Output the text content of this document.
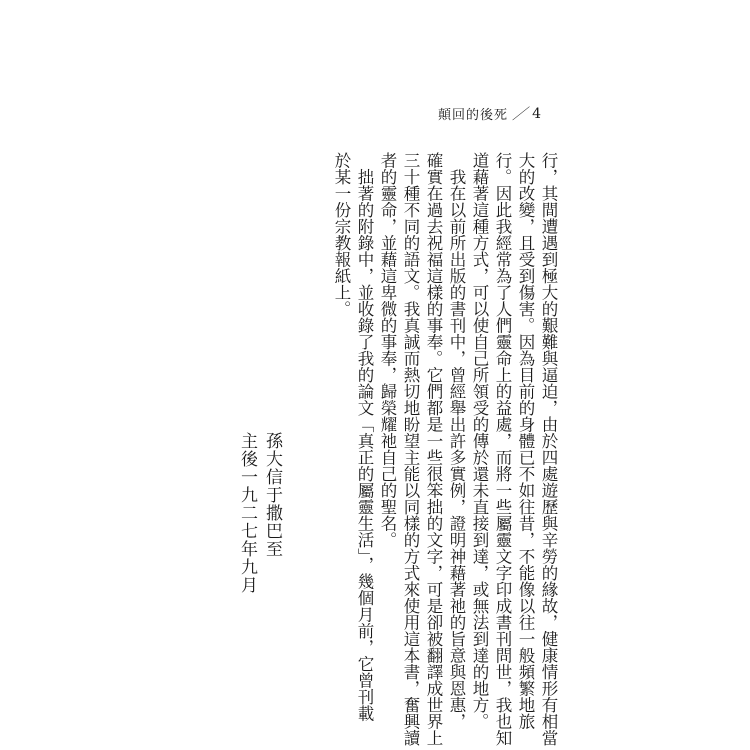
顛回的後死 ／ 4
行，其間遭遇到極大的艱難與逼迫，由於四處遊歷與辛勞的緣故，健康情形有相當
大的改變，且受到傷害。因為目前的身體已不如往昔，不能像以往一般頻繁地旅
行。因此我經常為了人們靈命上的益處，而將一些屬靈文字印成書刊問世，我也知
道藉著這種方式，可以使自己所領受的傳於還未直接到達，或無法到達的地方。
　我在以前所出版的書刊中，曾經舉出許多實例，證明神藉著祂的旨意與恩惠，
確實在過去祝福這樣的事奉。它們都是一些很笨拙的文字，可是卻被翻譯成世界上
三十種不同的語文。我真誠而熱切地盼望主能以同樣的方式來使用這本書，奮興讀
者的靈命，並藉這卑微的事奉，歸榮耀祂自己的聖名。
　拙著的附錄中，並收錄了我的論文「真正的屬靈生活」，幾個月前，它曾刊載
於某一份宗教報紙上。
孫大信于撒巴至
主後一九二七年九月
